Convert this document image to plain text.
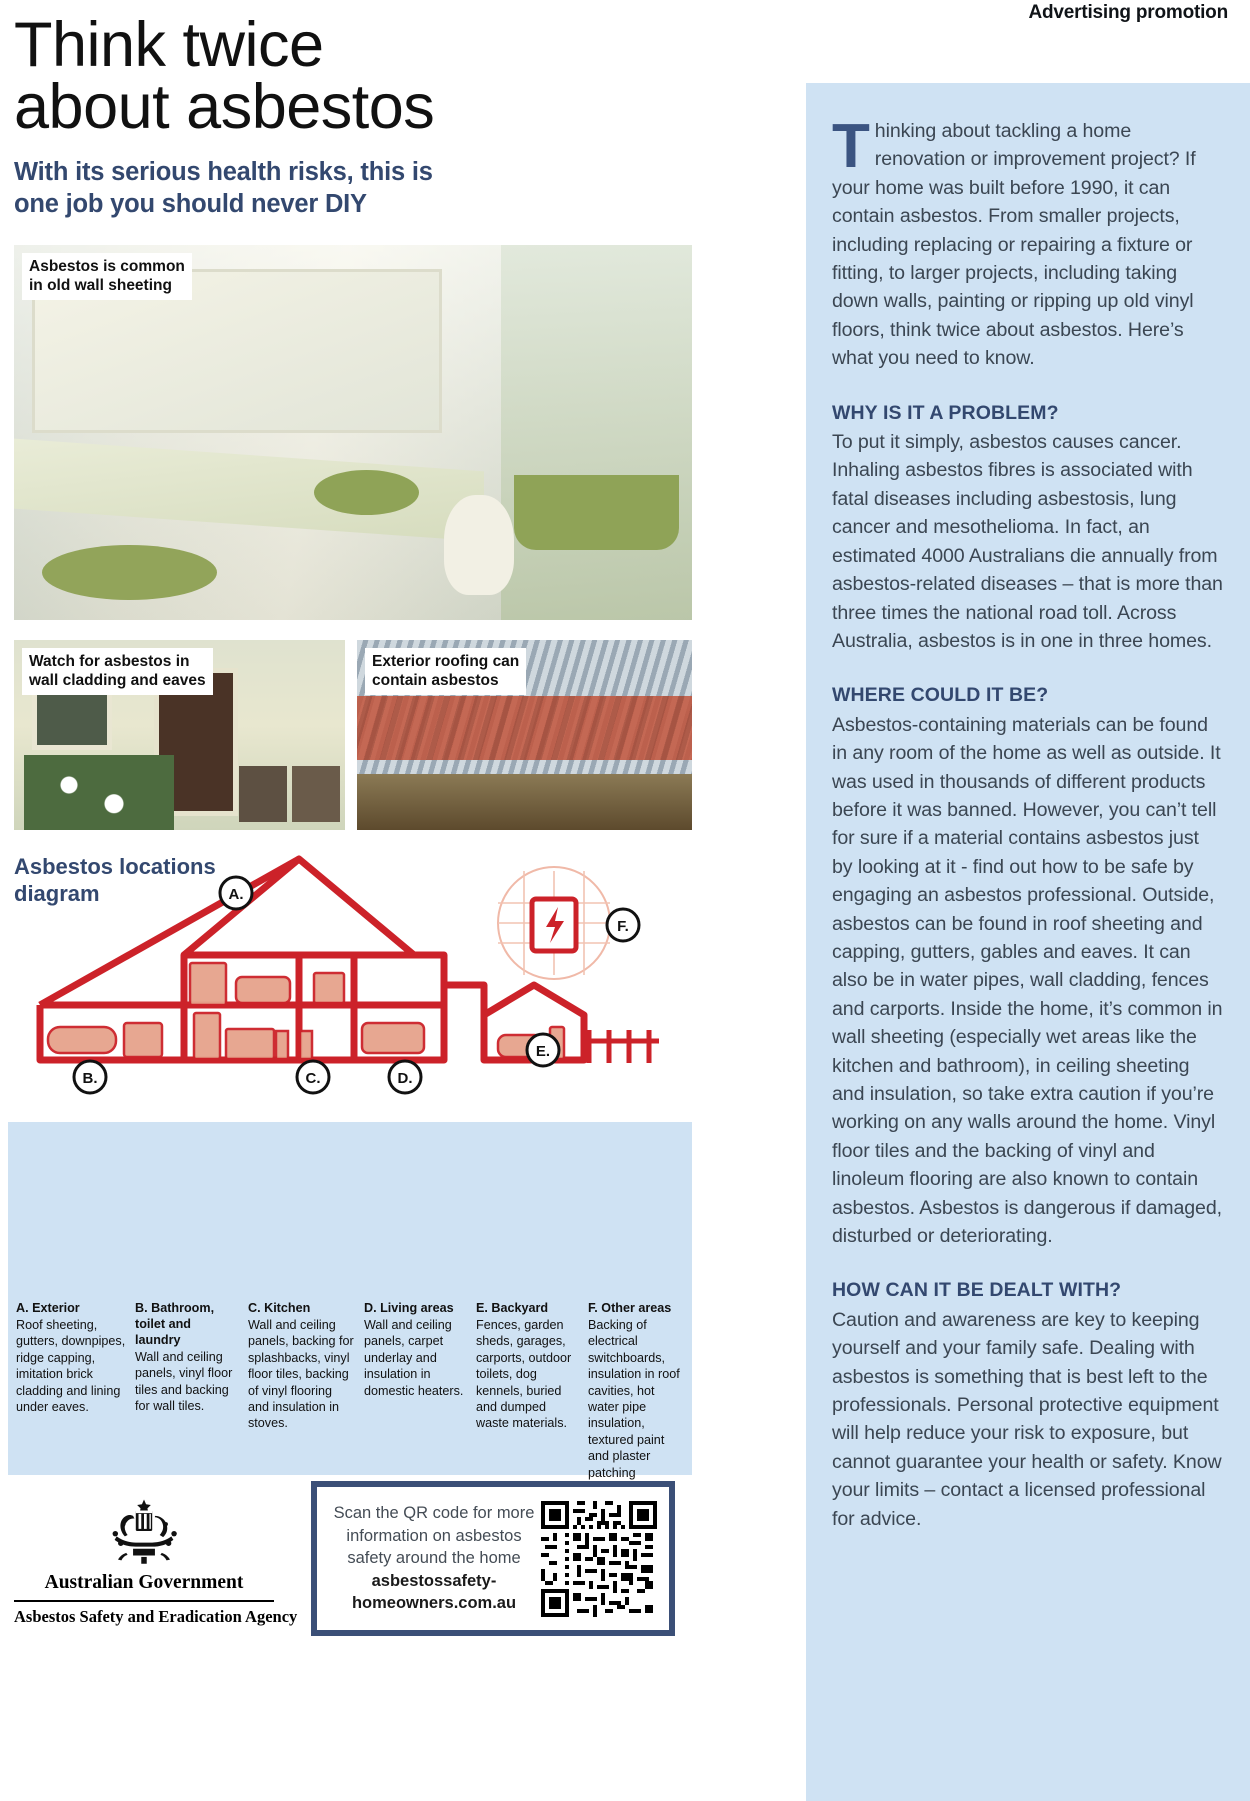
Advertising promotion

Thinking about tackling a home renovation or improvement project? If your home was built before 1990, it can contain asbestos. From smaller projects, including replacing or repairing a fixture or fitting, to larger projects, including taking down walls, painting or ripping up old vinyl floors, think twice about asbestos. Here’s what you need to know.

WHY IS IT A PROBLEM?

To put it simply, asbestos causes cancer. Inhaling asbestos fibres is associated with fatal diseases including asbestosis, lung cancer and mesothelioma. In fact, an estimated 4000 Australians die annually from asbestos-related diseases – that is more than three times the national road toll. Across Australia, asbestos is in one in three homes.

WHERE COULD IT BE?

Asbestos-containing materials can be found in any room of the home as well as outside. It was used in thousands of different products before it was banned. However, you can’t tell for sure if a material contains asbestos just by looking at it - find out how to be safe by engaging an asbestos professional. Outside, asbestos can be found in roof sheeting and capping, gutters, gables and eaves. It can also be in water pipes, wall cladding, fences and carports. Inside the home, it’s common in wall sheeting (especially wet areas like the kitchen and bathroom), in ceiling sheeting and insulation, so take extra caution if you’re working on any walls around the home. Vinyl floor tiles and the backing of vinyl and linoleum flooring are also known to contain asbestos. Asbestos is dangerous if damaged, disturbed or deteriorating.

HOW CAN IT BE DEALT WITH?

Caution and awareness are key to keeping yourself and your family safe. Dealing with asbestos is something that is best left to the professionals. Personal protective equipment will help reduce your risk to exposure, but cannot guarantee your health or safety. Know your limits – contact a licensed professional for advice.

Think twice
about asbestos
With its serious health risks, this is
one job you should never DIY
Asbestos is common
in old wall sheeting
Watch for asbestos in
wall cladding and eaves
Exterior roofing can
contain asbestos
Asbestos locations
diagram	A.
B.	C.	D.
E.
F.
A. Exterior
Roof sheeting, gutters, downpipes, ridge capping, imitation brick cladding and lining under eaves.
B. Bathroom, toilet and laundry
Wall and ceiling panels, vinyl floor tiles and backing for wall tiles.
C. Kitchen
Wall and ceiling panels, backing for splashbacks, vinyl floor tiles, backing of vinyl flooring and insulation in stoves.
D. Living areas
Wall and ceiling panels, carpet underlay and insulation in domestic heaters.
E. Backyard
Fences, garden sheds, garages, carports, outdoor toilets, dog kennels, buried and dumped waste materials.
F. Other areas
Backing of electrical switchboards, insulation in roof cavities, hot water pipe insulation, textured paint and plaster patching
Australian Government
Asbestos Safety and Eradication Agency
Scan the QR code for more
information on asbestos
safety around the home
asbestossafety-
homeowners.com.au
